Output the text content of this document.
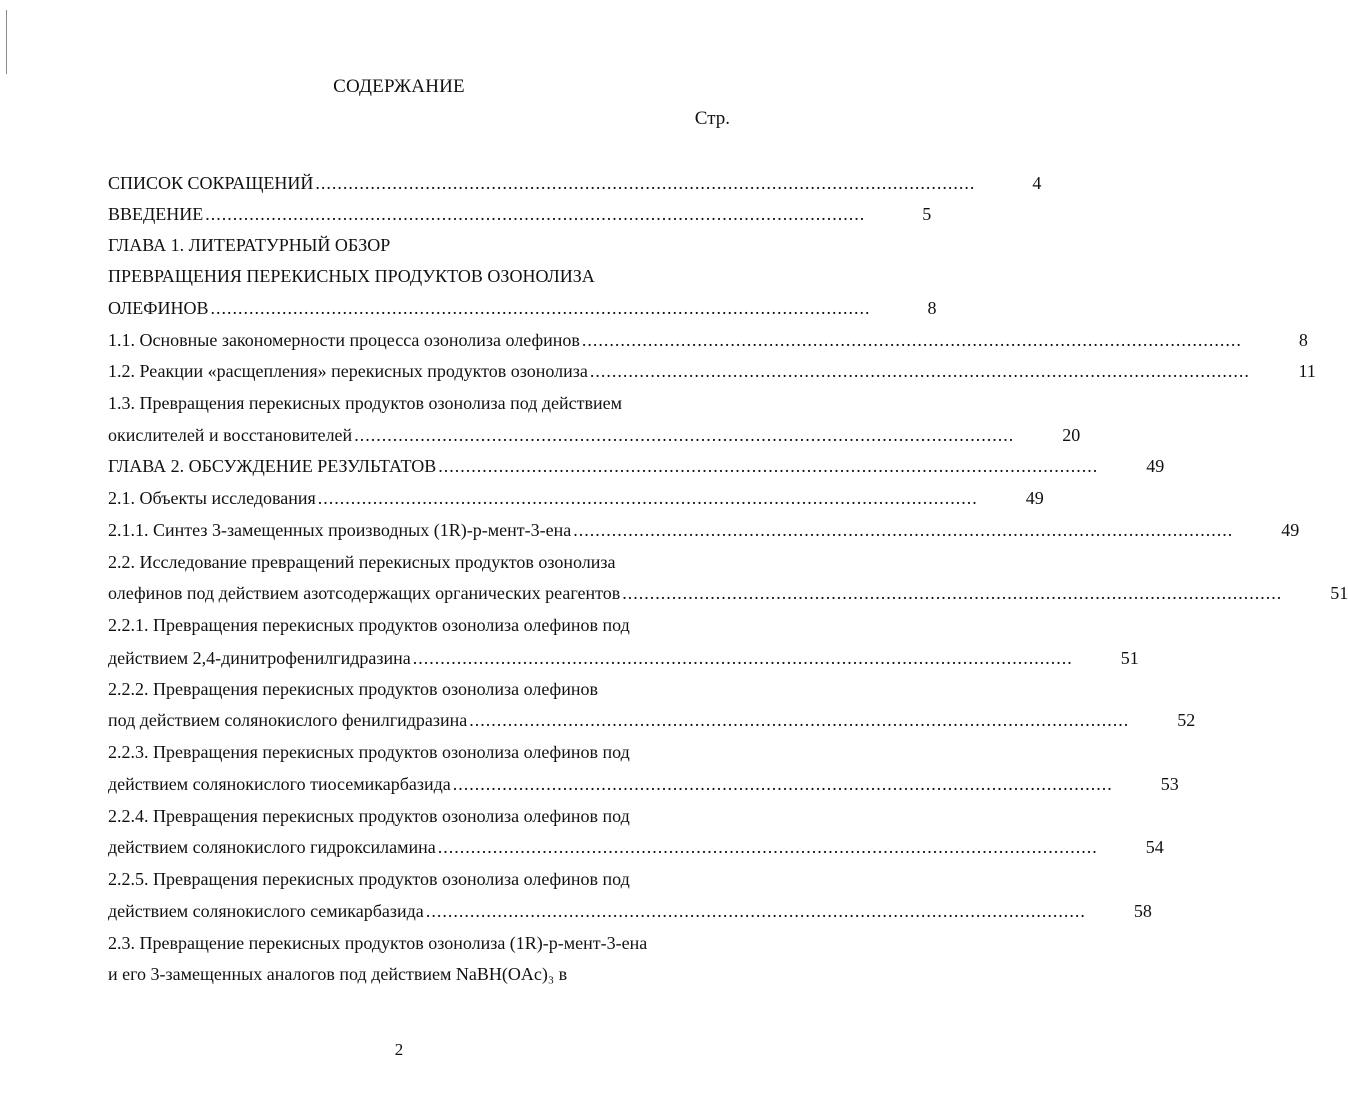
СОДЕРЖАНИЕ
Стр.
СПИСОК СОКРАЩЕНИЙ ........................................................................................................................	4
ВВЕДЕНИЕ ........................................................................................................................	5
ГЛАВА 1. ЛИТЕРАТУРНЫЙ ОБЗОР
ПРЕВРАЩЕНИЯ ПЕРЕКИСНЫХ ПРОДУКТОВ ОЗОНОЛИЗА
ОЛЕФИНОВ ........................................................................................................................	8
1.1. Основные закономерности процесса озонолиза олефинов ........................................................................................................................	8
1.2. Реакции «расщепления» перекисных продуктов озонолиза ........................................................................................................................	11
1.3. Превращения перекисных продуктов озонолиза под действием
окислителей и восстановителей ........................................................................................................................	20
ГЛАВА 2. ОБСУЖДЕНИЕ РЕЗУЛЬТАТОВ ........................................................................................................................	49
2.1. Объекты исследования ........................................................................................................................	49
2.1.1. Синтез 3-замещенных производных (1R)-p-мент-3-ена ........................................................................................................................	49
2.2. Исследование превращений перекисных продуктов озонолиза
олефинов под действием азотсодержащих органических реагентов ........................................................................................................................	51
2.2.1. Превращения перекисных продуктов озонолиза олефинов под
действием 2,4-динитрофенилгидразина ........................................................................................................................	51
2.2.2. Превращения перекисных продуктов озонолиза олефинов
под действием солянокислого фенилгидразина ........................................................................................................................	52
2.2.3. Превращения перекисных продуктов озонолиза олефинов под
действием солянокислого тиосемикарбазида ........................................................................................................................	53
2.2.4. Превращения перекисных продуктов озонолиза олефинов под
действием солянокислого гидроксиламина ........................................................................................................................	54
2.2.5. Превращения перекисных продуктов озонолиза олефинов под
действием солянокислого семикарбазида ........................................................................................................................	58
2.3. Превращение перекисных продуктов озонолиза (1R)-p-мент-3-ена
и его 3-замещенных аналогов под действием NaBH(OAc)₃ в
2
